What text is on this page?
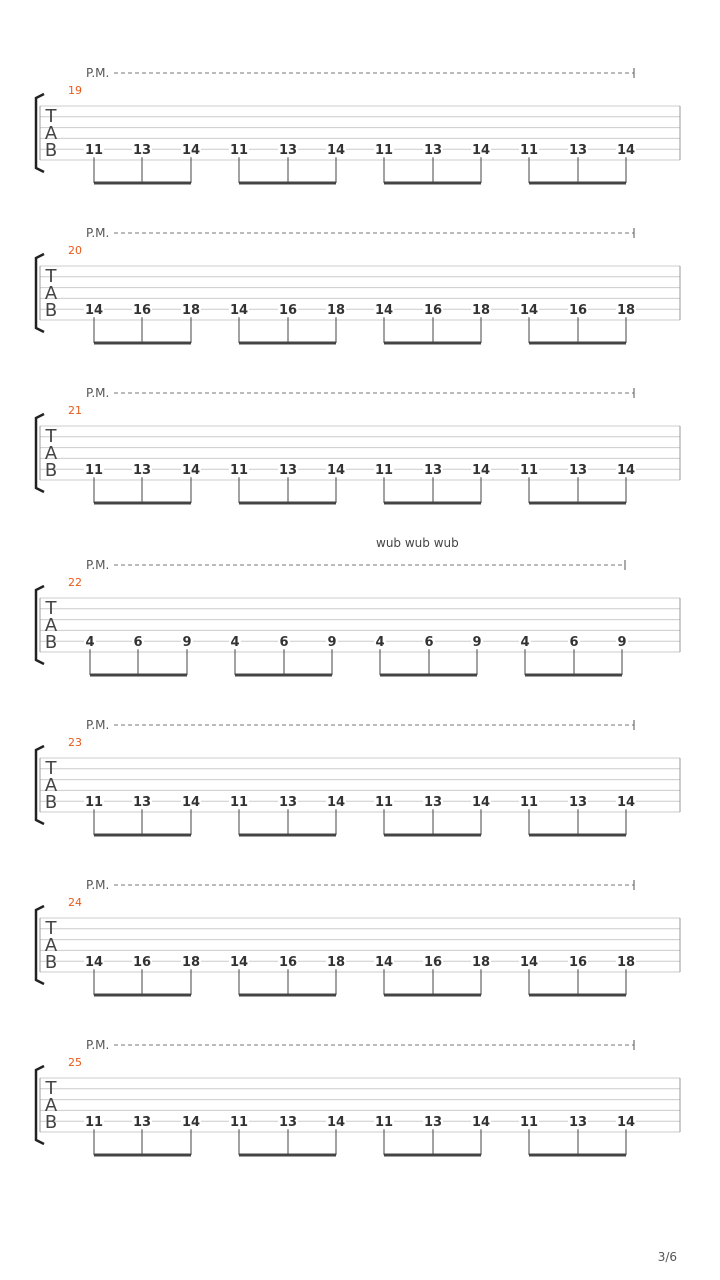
P.M.
19
T
A
B 11 13 14 11 13 14 11 13 14 11 13 14
P.M.
20
T
A
B 14 16 18 14 16 18 14 16 18 14 16 18
P.M.
21
T
A
B 11 13 14 11 13 14 11 13 14 11 13 14
P.M.
wub wub wub
22
T
A
B 4	6	9	4	6	9	4	6	9	4	6	9
P.M.
23
T
A
B 11 13 14 11 13 14 11 13 14 11 13 14
P.M.
24
T
A
B 14 16 18 14 16 18 14 16 18 14 16 18
P.M.
25
T
A
B 11 13 14 11 13 14 11 13 14 11 13 14
3/6
